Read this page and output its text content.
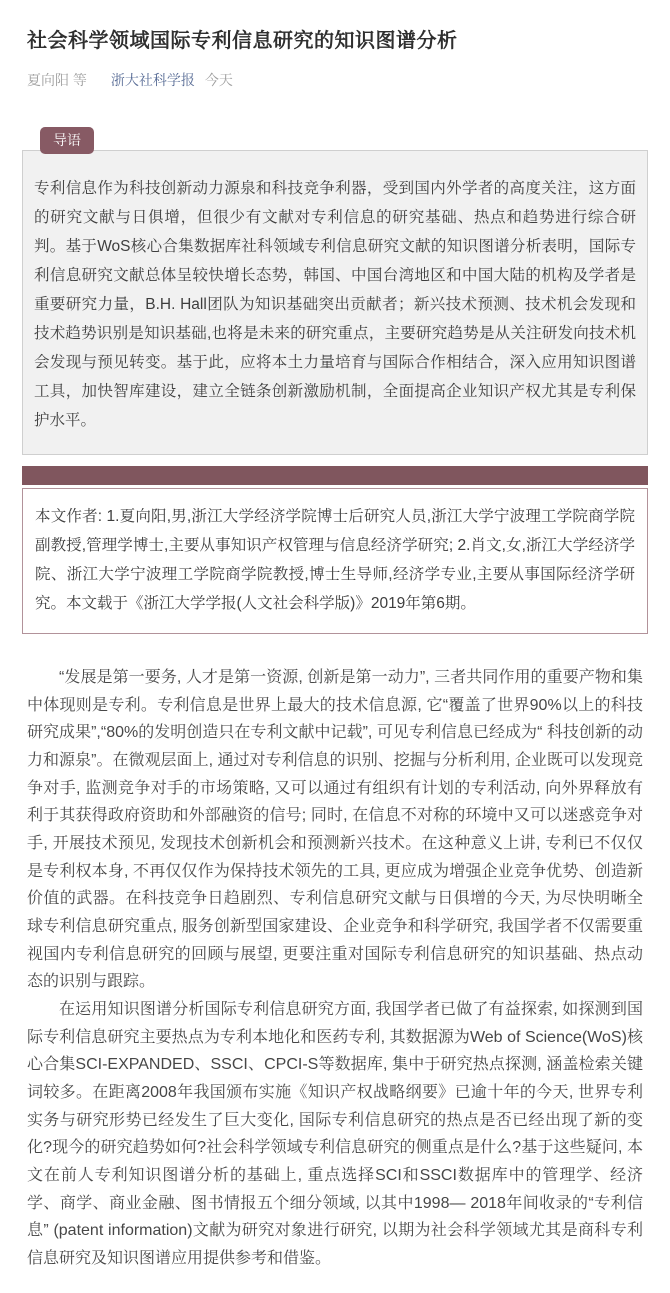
社会科学领域国际专利信息研究的知识图谱分析
夏向阳 等 浙大社科学报 今天
导语
专利信息作为科技创新动力源泉和科技竞争利器，受到国内外学者的高度关注，这方面的研究文献与日俱增，但很少有文献对专利信息的研究基础、热点和趋势进行综合研判。基于WoS核心合集数据库社科领域专利信息研究文献的知识图谱分析表明，国际专利信息研究文献总体呈较快增长态势，韩国、中国台湾地区和中国大陆的机构及学者是重要研究力量，B.H. Hall团队为知识基础突出贡献者；新兴技术预测、技术机会发现和技术趋势识别是知识基础,也将是未来的研究重点，主要研究趋势是从关注研发向技术机会发现与预见转变。基于此，应将本土力量培育与国际合作相结合，深入应用知识图谱工具，加快智库建设，建立全链条创新激励机制，全面提高企业知识产权尤其是专利保护水平。
本文作者: 1.夏向阳,男,浙江大学经济学院博士后研究人员,浙江大学宁波理工学院商学院副教授,管理学博士,主要从事知识产权管理与信息经济学研究; 2.肖文,女,浙江大学经济学院、浙江大学宁波理工学院商学院教授,博士生导师,经济学专业,主要从事国际经济学研究。本文载于《浙江大学学报(人文社会科学版)》2019年第6期。

“发展是第一要务, 人才是第一资源, 创新是第一动力”, 三者共同作用的重要产物和集中体现则是专利。专利信息是世界上最大的技术信息源, 它“覆盖了世界90%以上的科技研究成果”,“80%的发明创造只在专利文献中记载”, 可见专利信息已经成为“ 科技创新的动力和源泉”。在微观层面上, 通过对专利信息的识别、挖掘与分析利用, 企业既可以发现竞争对手, 监测竞争对手的市场策略, 又可以通过有组织有计划的专利活动, 向外界释放有利于其获得政府资助和外部融资的信号; 同时, 在信息不对称的环境中又可以迷惑竞争对手, 开展技术预见, 发现技术创新机会和预测新兴技术。在这种意义上讲, 专利已不仅仅是专利权本身, 不再仅仅作为保持技术领先的工具, 更应成为增强企业竞争优势、创造新价值的武器。在科技竞争日趋剧烈、专利信息研究文献与日俱增的今天, 为尽快明晰全球专利信息研究重点, 服务创新型国家建设、企业竞争和科学研究, 我国学者不仅需要重视国内专利信息研究的回顾与展望, 更要注重对国际专利信息研究的知识基础、热点动态的识别与跟踪。

在运用知识图谱分析国际专利信息研究方面, 我国学者已做了有益探索, 如探测到国际专利信息研究主要热点为专利本地化和医药专利, 其数据源为Web of Science(WoS)核心合集SCI-EXPANDED、SSCI、CPCI-S等数据库, 集中于研究热点探测, 涵盖检索关键词较多。在距离2008年我国颁布实施《知识产权战略纲要》已逾十年的今天, 世界专利实务与研究形势已经发生了巨大变化, 国际专利信息研究的热点是否已经出现了新的变化?现今的研究趋势如何?社会科学领域专利信息研究的侧重点是什么?基于这些疑问, 本文在前人专利知识图谱分析的基础上, 重点选择SCI和SSCI数据库中的管理学、经济学、商学、商业金融、图书情报五个细分领域, 以其中1998— 2018年间收录的“专利信息” (patent information)文献为研究对象进行研究, 以期为社会科学领域尤其是商科专利信息研究及知识图谱应用提供参考和借鉴。
